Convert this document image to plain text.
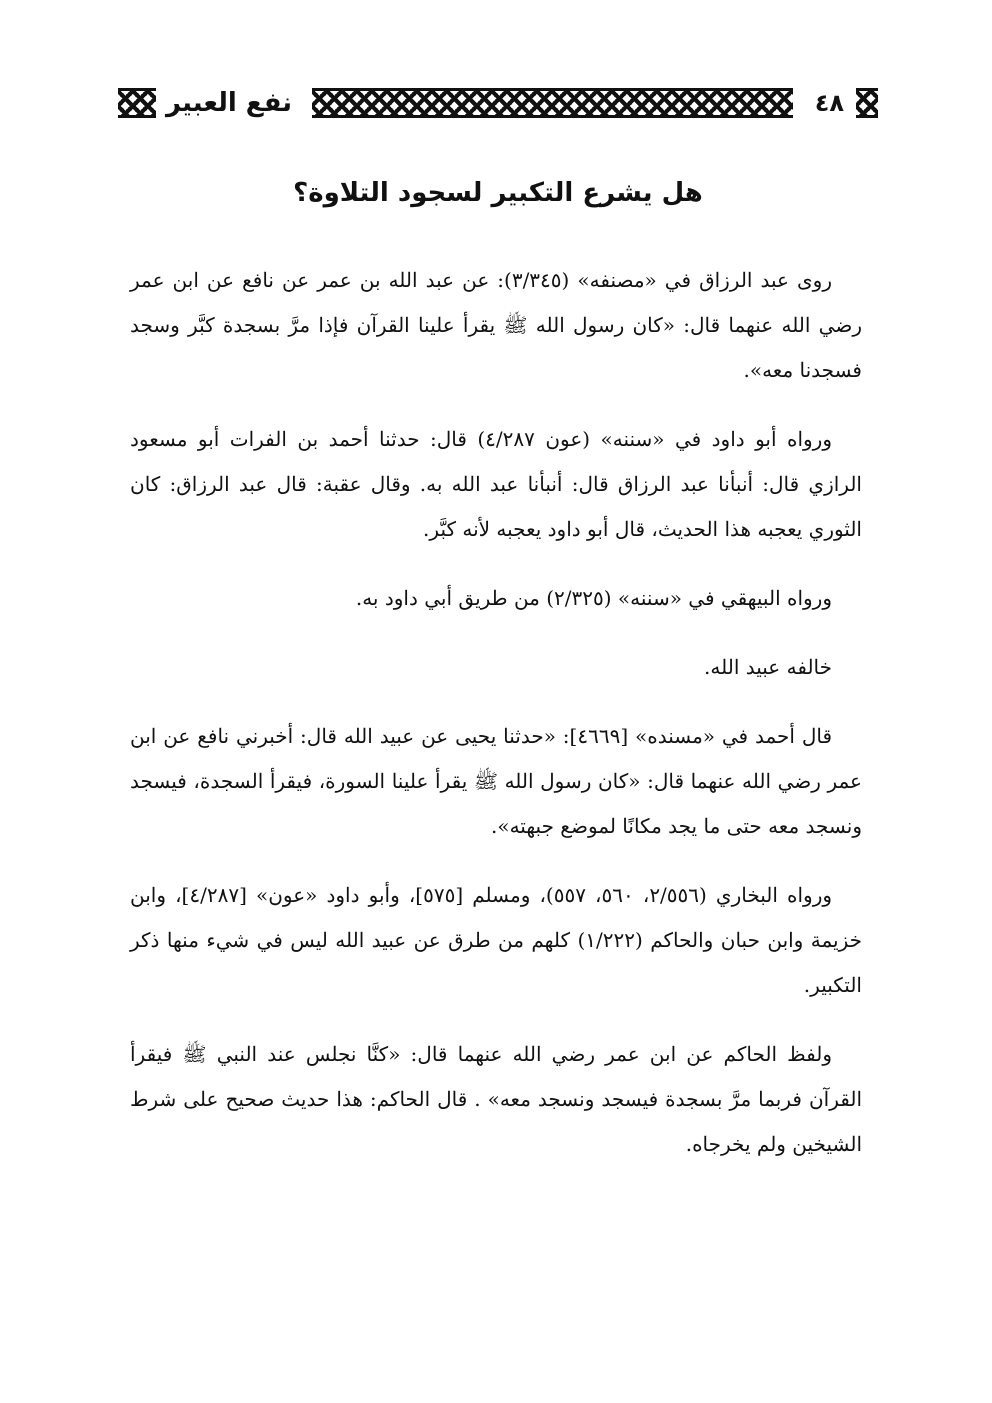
٤٨
نفع العبير
هل يشرع التكبير لسجود التلاوة؟

روى عبد الرزاق في «مصنفه» (٣/٣٤٥): عن عبد الله بن عمر عن نافع عن ابن عمر رضي الله عنهما قال: «كان رسول الله ﷺ يقرأ علينا القرآن فإذا مرَّ بسجدة كبَّر وسجد فسجدنا معه».

ورواه أبو داود في «سننه» (عون ٤/٢٨٧) قال: حدثنا أحمد بن الفرات أبو مسعود الرازي قال: أنبأنا عبد الرزاق قال: أنبأنا عبد الله به. وقال عقبة: قال عبد الرزاق: كان الثوري يعجبه هذا الحديث، قال أبو داود يعجبه لأنه كبَّر.

ورواه البيهقي في «سننه» (٢/٣٢٥) من طريق أبي داود به.

خالفه عبيد الله.

قال أحمد في «مسنده» [٤٦٦٩]: «حدثنا يحيى عن عبيد الله قال: أخبرني نافع عن ابن عمر رضي الله عنهما قال: «كان رسول الله ﷺ يقرأ علينا السورة، فيقرأ السجدة، فيسجد ونسجد معه حتى ما يجد مكانًا لموضع جبهته».

ورواه البخاري (٢/٥٥٦، ٥٦٠، ٥٥٧)، ومسلم [٥٧٥]، وأبو داود «عون» [٤/٢٨٧]، وابن خزيمة وابن حبان والحاكم (١/٢٢٢) كلهم من طرق عن عبيد الله ليس في شيء منها ذكر التكبير.

ولفظ الحاكم عن ابن عمر رضي الله عنهما قال: «كنَّا نجلس عند النبي ﷺ فيقرأ القرآن فربما مرَّ بسجدة فيسجد ونسجد معه» . قال الحاكم: هذا حديث صحيح على شرط الشيخين ولم يخرجاه.
